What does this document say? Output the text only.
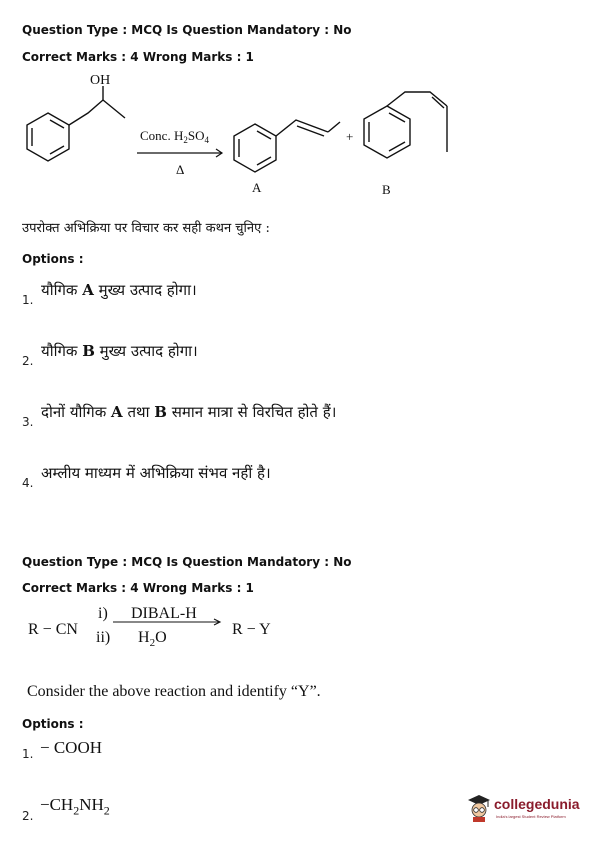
Question Type : MCQ Is Question Mandatory : No
Correct Marks : 4 Wrong Marks : 1
OH
Conc. $H_2SO_4$
Δ
A
+
B
उपरोक्त अभिक्रिया पर विचार कर सही कथन चुनिए :
Options :
1.
यौगिक A मुख्य उत्पाद होगा।
2.
यौगिक B मुख्य उत्पाद होगा।
3.
दोनों यौगिक A तथा B समान मात्रा से विरचित होते हैं।
4.
अम्लीय माध्यम में अभिक्रिया संभव नहीं है।
Question Type : MCQ Is Question Mandatory : No
Correct Marks : 4 Wrong Marks : 1
R − CN
i) DIBAL-H
ii) $H_2O$	R − Y
Consider the above reaction and identify “Y”.
Options :
1. − COOH
2.
$-CH_2NH_2$	collegedunia
India's largest Student Review Platform
